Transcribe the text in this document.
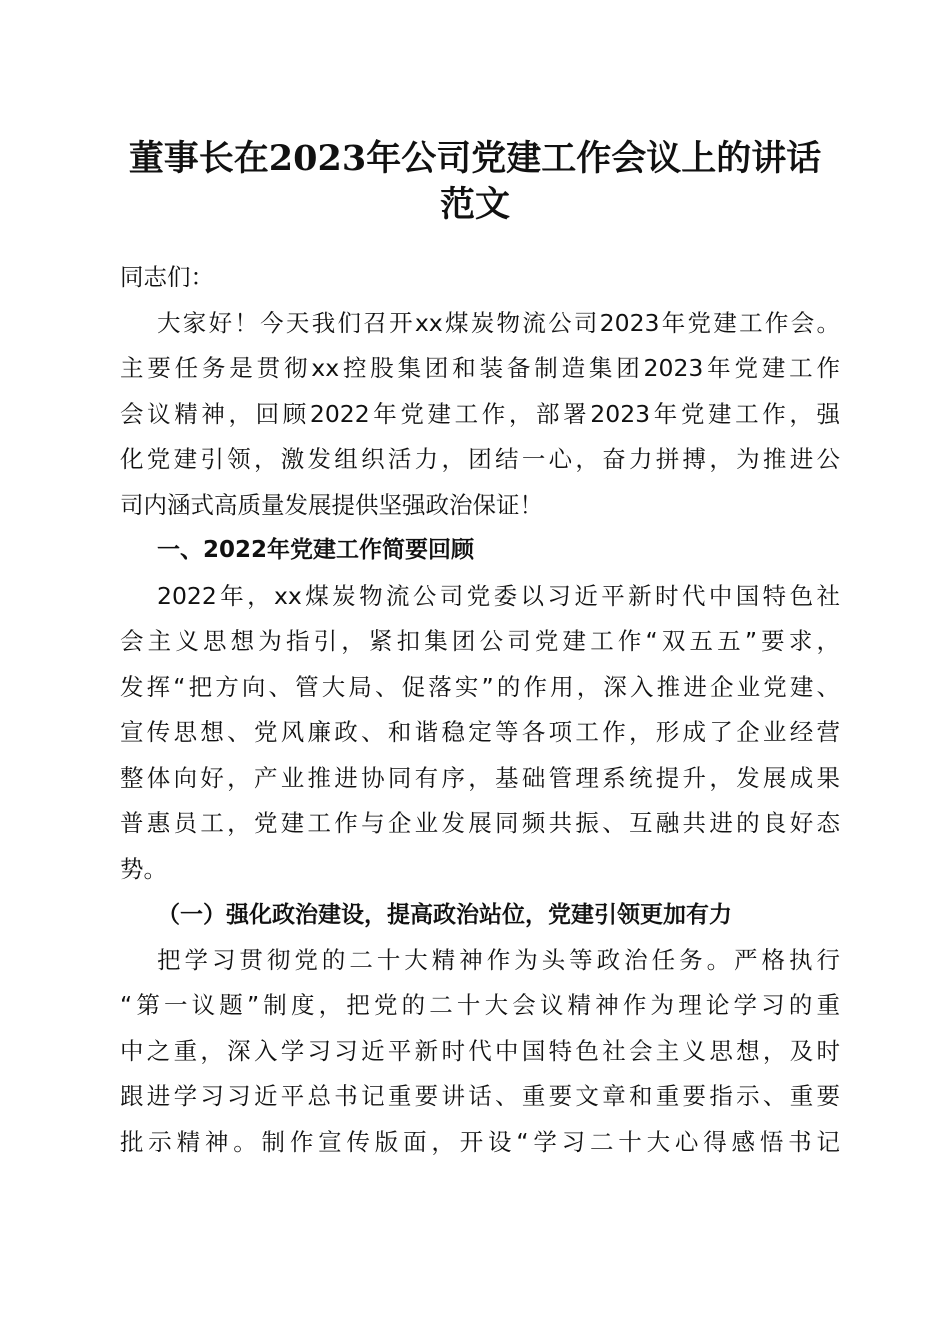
董事长在2023年公司党建工作会议上的讲话
范文
同志们：
大家好！今天我们召开xx煤炭物流公司2023年党建工作会。
主要任务是贯彻xx控股集团和装备制造集团2023年党建工作
会议精神，回顾2022年党建工作，部署2023年党建工作，强
化党建引领，激发组织活力，团结一心，奋力拼搏，为推进公
司内涵式高质量发展提供坚强政治保证！
一、2022年党建工作简要回顾
2022年，xx煤炭物流公司党委以习近平新时代中国特色社
会主义思想为指引，紧扣集团公司党建工作“双五五”要求，
发挥“把方向、管大局、促落实”的作用，深入推进企业党建、
宣传思想、党风廉政、和谐稳定等各项工作，形成了企业经营
整体向好，产业推进协同有序，基础管理系统提升，发展成果
普惠员工，党建工作与企业发展同频共振、互融共进的良好态
势。
（一）强化政治建设，提高政治站位，党建引领更加有力
把学习贯彻党的二十大精神作为头等政治任务。严格执行
“第一议题”制度，把党的二十大会议精神作为理论学习的重
中之重，深入学习习近平新时代中国特色社会主义思想，及时
跟进学习习近平总书记重要讲话、重要文章和重要指示、重要
批示精神。制作宣传版面，开设“学习二十大心得感悟书记
